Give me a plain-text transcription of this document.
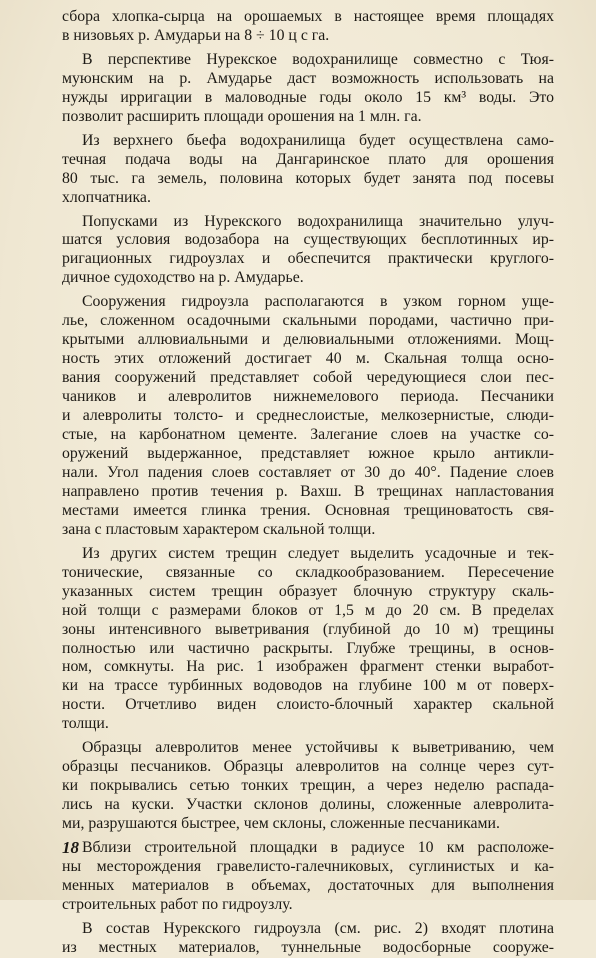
сбора хлопка-сырца на орошаемых в настоящее время площадях
в низовьях р. Амударьи на 8 ÷ 10 ц с га.
В перспективе Нурекское водохранилище совместно с Тюя-
муюнским на р. Амударье даст возможность использовать на
нужды ирригации в маловодные годы около 15 км³ воды. Это
позволит расширить площади орошения на 1 млн. га.
Из верхнего бьефа водохранилища будет осуществлена само-
течная подача воды на Дангаринское плато для орошения
80 тыс. га земель, половина которых будет занята под посевы
хлопчатника.
Попусками из Нурекского водохранилища значительно улуч-
шатся условия водозабора на существующих бесплотинных ир-
ригационных гидроузлах и обеспечится практически круглого-
дичное судоходство на р. Амударье.
Сооружения гидроузла располагаются в узком горном уще-
лье, сложенном осадочными скальными породами, частично при-
крытыми аллювиальными и делювиальными отложениями. Мощ-
ность этих отложений достигает 40 м. Скальная толща осно-
вания сооружений представляет собой чередующиеся слои пес-
чаников и алевролитов нижнемелового периода. Песчаники
и алевролиты толсто- и среднеслоистые, мелкозернистые, слюди-
стые, на карбонатном цементе. Залегание слоев на участке со-
оружений выдержанное, представляет южное крыло антикли-
нали. Угол падения слоев составляет от 30 до 40°. Падение слоев
направлено против течения р. Вахш. В трещинах напластования
местами имеется глинка трения. Основная трещиноватость свя-
зана с пластовым характером скальной толщи.
Из других систем трещин следует выделить усадочные и тек-
тонические, связанные со складкообразованием. Пересечение
указанных систем трещин образует блочную структуру скаль-
ной толщи с размерами блоков от 1,5 м до 20 см. В пределах
зоны интенсивного выветривания (глубиной до 10 м) трещины
полностью или частично раскрыты. Глубже трещины, в основ-
ном, сомкнуты. На рис. 1 изображен фрагмент стенки выработ-
ки на трассе турбинных водоводов на глубине 100 м от поверх-
ности. Отчетливо виден слоисто-блочный характер скальной
толщи.
Образцы алевролитов менее устойчивы к выветриванию, чем
образцы песчаников. Образцы алевролитов на солнце через сут-
ки покрывались сетью тонких трещин, а через неделю распада-
лись на куски. Участки склонов долины, сложенные алевролита-
ми, разрушаются быстрее, чем склоны, сложенные песчаниками.
Вблизи строительной площадки в радиусе 10 км расположе-
ны месторождения гравелисто-галечниковых, суглинистых и ка-
менных материалов в объемах, достаточных для выполнения
строительных работ по гидроузлу.
В состав Нурекского гидроузла (см. рис. 2) входят плотина
из местных материалов, туннельные водосборные сооруже-
18
